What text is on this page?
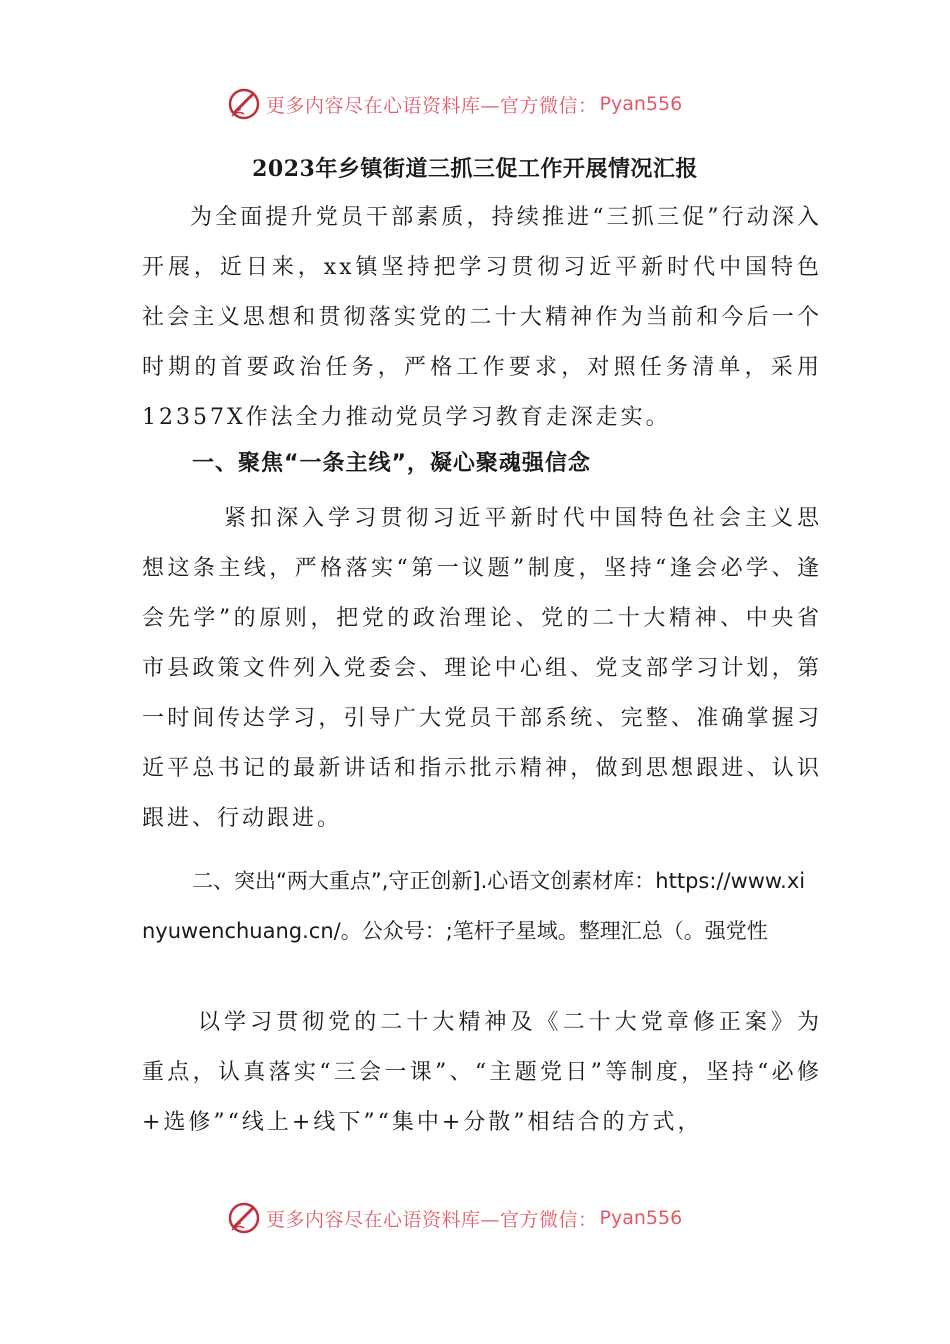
更多内容尽在心语资料库—官方微信： Pyan556
2023年乡镇街道三抓三促工作开展情况汇报

为全面提升党员干部素质，持续推进“三抓三促”行动深入开展，近日来，xx镇坚持把学习贯彻习近平新时代中国特色社会主义思想和贯彻落实党的二十大精神作为当前和今后一个时期的首要政治任务，严格工作要求，对照任务清单，采用12357X作法全力推动党员学习教育走深走实。

一、聚焦“一条主线”，凝心聚魂强信念

紧扣深入学习贯彻习近平新时代中国特色社会主义思想这条主线，严格落实“第一议题”制度，坚持“逢会必学、逢会先学”的原则，把党的政治理论、党的二十大精神、中央省市县政策文件列入党委会、理论中心组、党支部学习计划，第一时间传达学习，引导广大党员干部系统、完整、准确掌握习近平总书记的最新讲话和指示批示精神，做到思想跟进、认识跟进、行动跟进。

二、突出“两大重点”,守正创新].心语文创素材库：https://www.xinyuwenchuang.cn/。公众号：;笔杆子星域。整理汇总（。强党性

以学习贯彻党的二十大精神及《二十大党章修正案》为重点，认真落实“三会一课”、“主题党日”等制度，坚持“必修+选修”“线上+线下”“集中+分散”相结合的方式，

更多内容尽在心语资料库—官方微信： Pyan556
